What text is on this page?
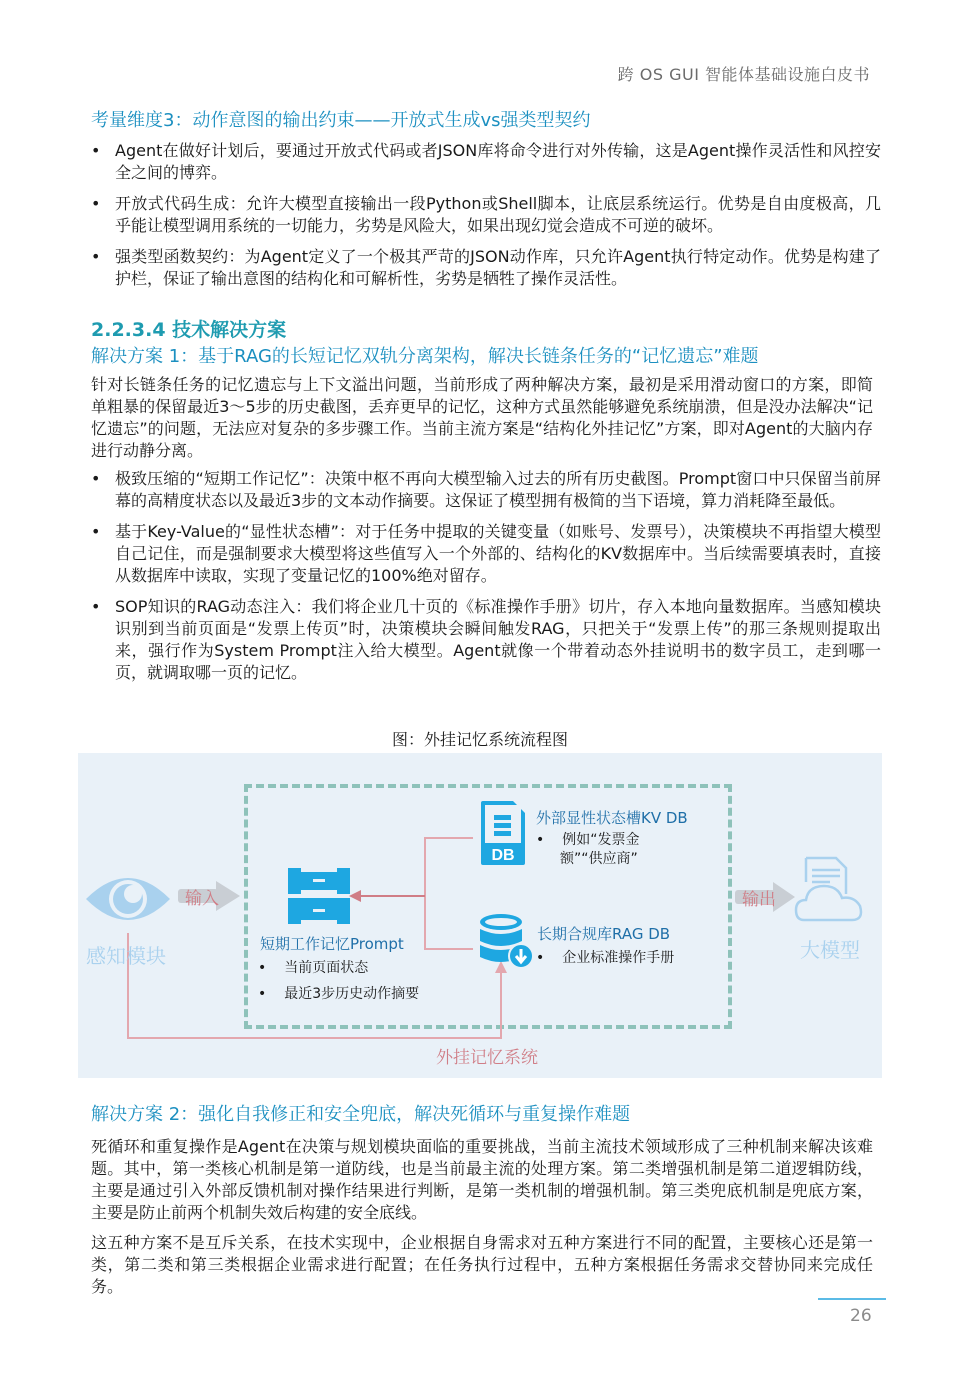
跨 OS GUI 智能体基础设施白皮书
考量维度3：动作意图的输出约束——开放式生成vs强类型契约
• Agent在做好计划后，要通过开放式代码或者JSON库将命令进行对外传输，这是Agent操作灵活性和风控安全之间的博弈。
• 开放式代码生成：允许大模型直接输出一段Python或Shell脚本，让底层系统运行。优势是自由度极高，几乎能让模型调用系统的一切能力，劣势是风险大，如果出现幻觉会造成不可逆的破坏。
• 强类型函数契约：为Agent定义了一个极其严苛的JSON动作库，只允许Agent执行特定动作。优势是构建了护栏，保证了输出意图的结构化和可解析性，劣势是牺牲了操作灵活性。
2.2.3.4 技术解决方案
解决方案 1：基于RAG的长短记忆双轨分离架构，解决长链条任务的“记忆遗忘”难题

针对长链条任务的记忆遗忘与上下文溢出问题，当前形成了两种解决方案，最初是采用滑动窗口的方案，即简单粗暴的保留最近3～5步的历史截图，丢弃更早的记忆，这种方式虽然能够避免系统崩溃，但是没办法解决“记忆遗忘”的问题，无法应对复杂的多步骤工作。当前主流方案是“结构化外挂记忆”方案，即对Agent的大脑内存进行动静分离。

• 极致压缩的“短期工作记忆”：决策中枢不再向大模型输入过去的所有历史截图。Prompt窗口中只保留当前屏幕的高精度状态以及最近3步的文本动作摘要。这保证了模型拥有极简的当下语境，算力消耗降至最低。
• 基于Key-Value的“显性状态槽”：对于任务中提取的关键变量（如账号、发票号），决策模块不再指望大模型自己记住，而是强制要求大模型将这些值写入一个外部的、结构化的KV数据库中。当后续需要填表时，直接从数据库中读取，实现了变量记忆的100%绝对留存。
• SOP知识的RAG动态注入：我们将企业几十页的《标准操作手册》切片，存入本地向量数据库。当感知模块识别到当前页面是“发票上传页”时，决策模块会瞬间触发RAG，只把关于“发票上传”的那三条规则提取出来，强行作为System Prompt注入给大模型。Agent就像一个带着动态外挂说明书的数字员工，走到哪一页，就调取哪一页的记忆。
图：外挂记忆系统流程图
感知模块
输入
短期工作记忆Prompt
• 当前页面状态
• 最近3步历史动作摘要
DB
外部显性状态槽KV DB
• 例如“发票金
额”“供应商”
长期合规库RAG DB
• 企业标准操作手册
输出
大模型
外挂记忆系统
解决方案 2：强化自我修正和安全兜底，解决死循环与重复操作难题

死循环和重复操作是Agent在决策与规划模块面临的重要挑战，当前主流技术领域形成了三种机制来解决该难题。其中，第一类核心机制是第一道防线，也是当前最主流的处理方案。第二类增强机制是第二道逻辑防线，主要是通过引入外部反馈机制对操作结果进行判断，是第一类机制的增强机制。第三类兜底机制是兜底方案，主要是防止前两个机制失效后构建的安全底线。

这五种方案不是互斥关系，在技术实现中，企业根据自身需求对五种方案进行不同的配置，主要核心还是第一类，第二类和第三类根据企业需求进行配置；在任务执行过程中，五种方案根据任务需求交替协同来完成任务。

26
